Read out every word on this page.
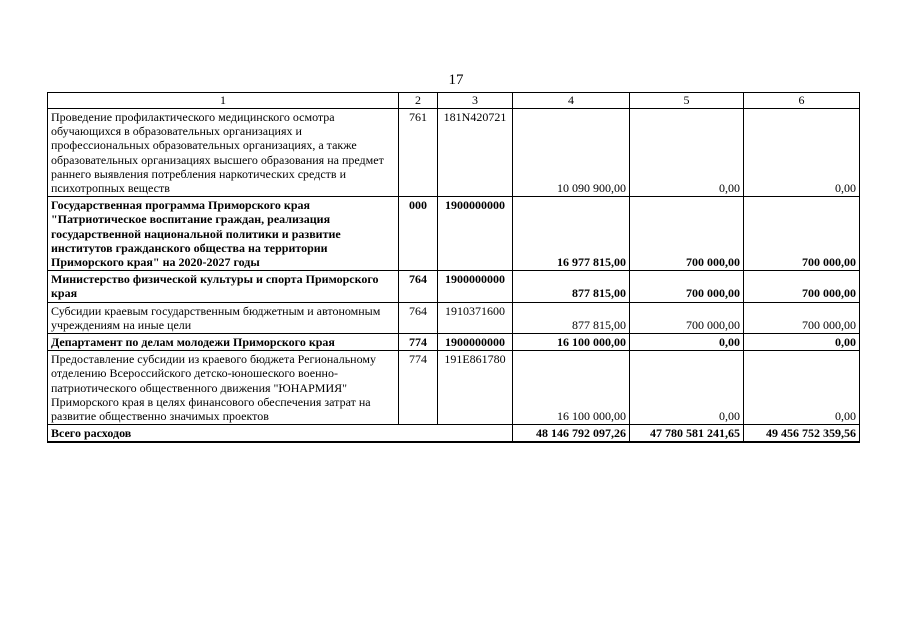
17
1	2	3	4	5	6
Проведение профилактического медицинского осмотра обучающихся в образовательных организациях и профессиональных образовательных организациях, а также образовательных организациях высшего образования на предмет раннего выявления потребления наркотических средств и психотропных веществ	761	181N420721	10 090 900,00	0,00	0,00
Государственная программа Приморского края "Патриотическое воспитание граждан, реализация государственной национальной политики и развитие институтов гражданского общества на территории Приморского края" на 2020-2027 годы	000	1900000000	16 977 815,00	700 000,00	700 000,00
Министерство физической культуры и спорта Приморского края	764	1900000000	877 815,00	700 000,00	700 000,00
Субсидии краевым государственным бюджетным и автономным учреждениям на иные цели	764	1910371600	877 815,00	700 000,00	700 000,00
Департамент по делам молодежи Приморского края	774	1900000000	16 100 000,00	0,00	0,00
Предоставление субсидии из краевого бюджета Региональному отделению Всероссийского детско-юношеского военно-патриотического общественного движения "ЮНАРМИЯ" Приморского края в целях финансового обеспечения затрат на развитие общественно значимых проектов	774	191E861780	16 100 000,00	0,00	0,00
Всего расходов			48 146 792 097,26	47 780 581 241,65	49 456 752 359,56
